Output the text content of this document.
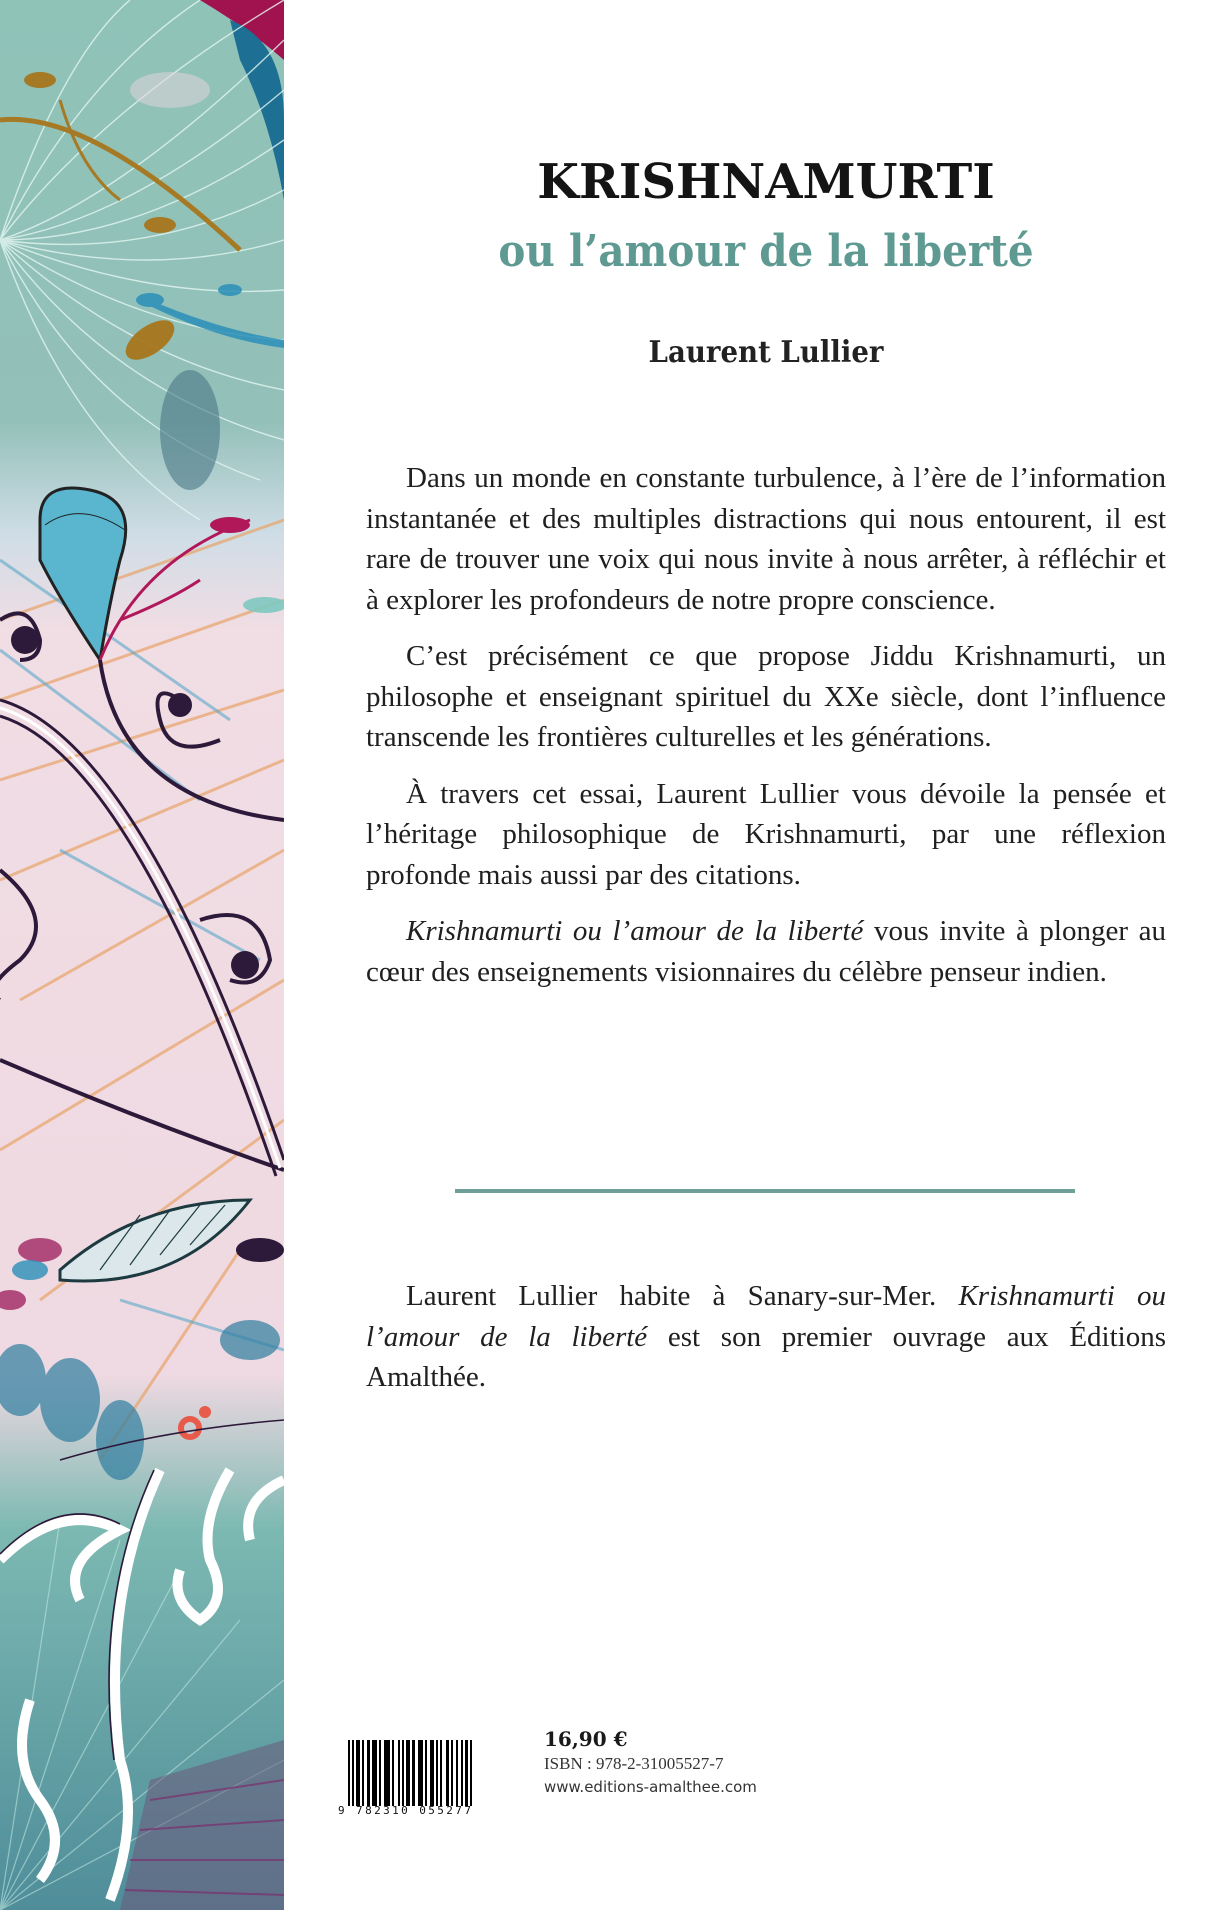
KRISHNAMURTI
ou l’amour de la liberté
Laurent Lullier

Dans un monde en constante turbulence, à l’ère de l’information instantanée et des multiples distractions qui nous entourent, il est rare de trouver une voix qui nous invite à nous arrêter, à réfléchir et à explorer les profondeurs de notre propre conscience.

C’est précisément ce que propose Jiddu Krishnamurti, un philosophe et enseignant spirituel du XXe siècle, dont l’influence transcende les frontières culturelles et les générations.

À travers cet essai, Laurent Lullier vous dévoile la pensée et l’héritage philosophique de Krishnamurti, par une réflexion profonde mais aussi par des citations.

Krishnamurti ou l’amour de la liberté vous invite à plonger au cœur des enseignements visionnaires du célèbre penseur indien.

Laurent Lullier habite à Sanary-sur-Mer. Krishnamurti ou l’amour de la liberté est son premier ouvrage aux Éditions Amalthée.

9 782310 055277
16,90 €
ISBN : 978-2-31005527-7
www.editions-amalthee.com
